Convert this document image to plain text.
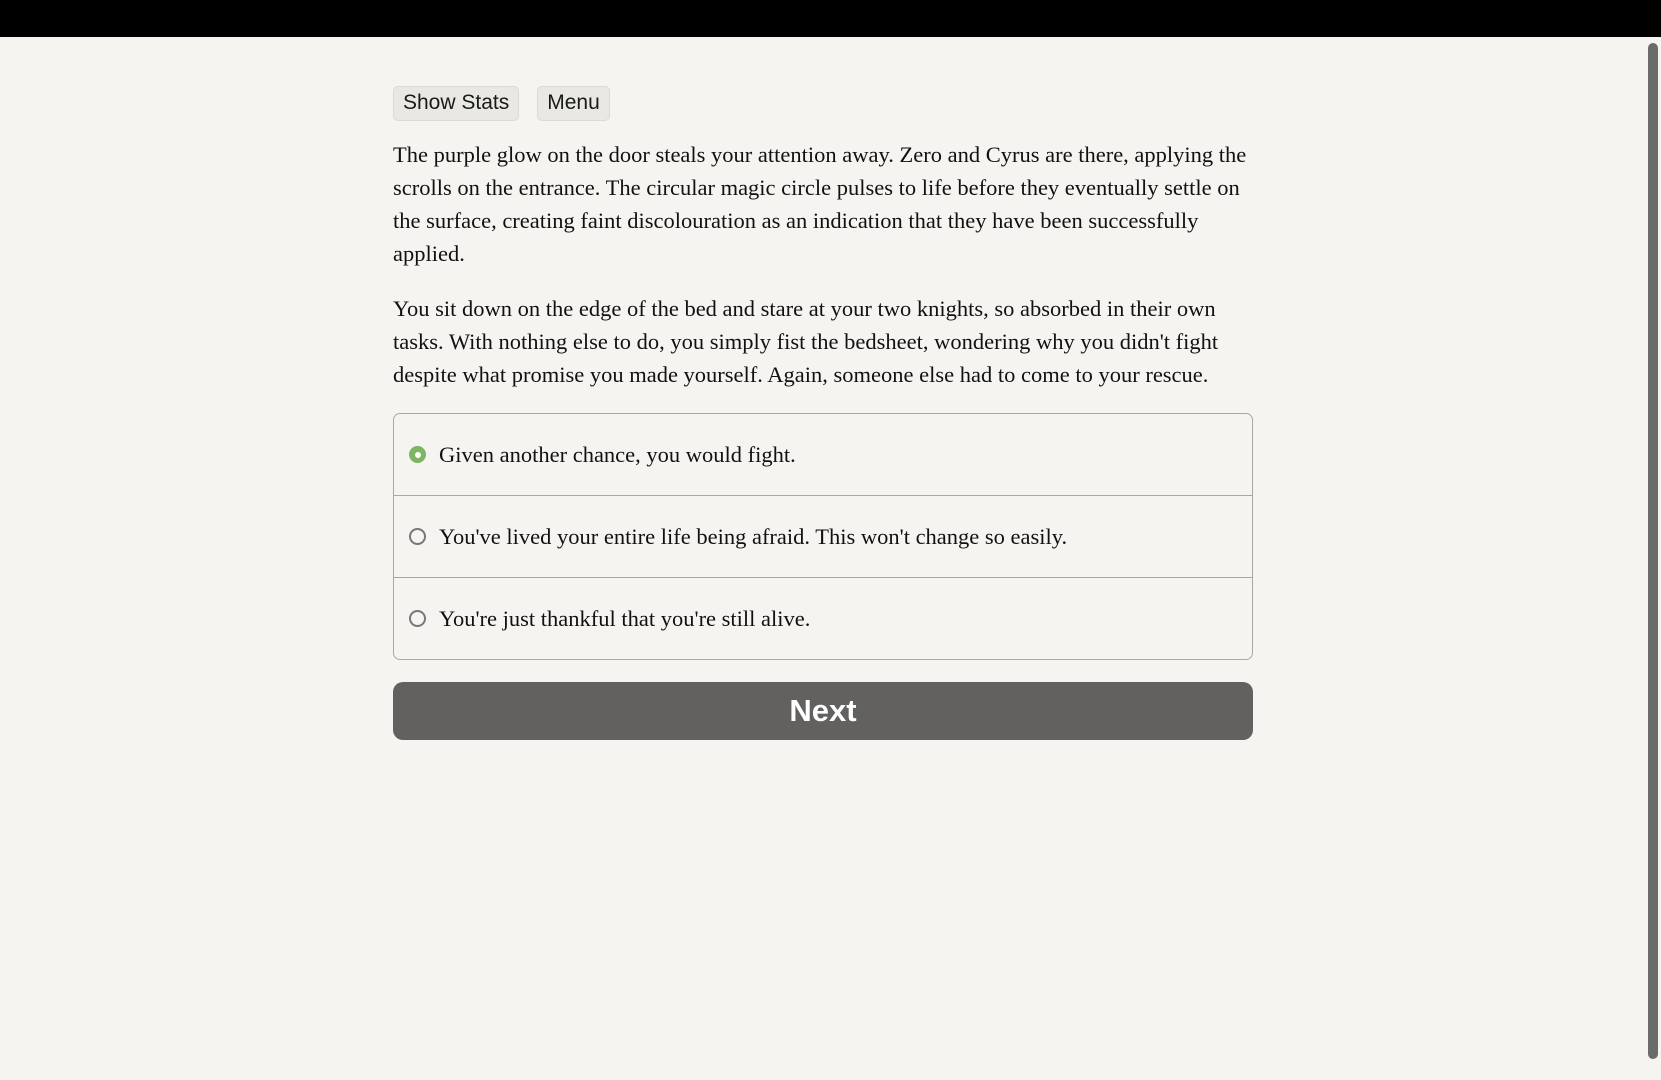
Show Stats	Menu

The purple glow on the door steals your attention away. Zero and Cyrus are there, applying the scrolls on the entrance. The circular magic circle pulses to life before they eventually settle on the surface, creating faint discolouration as an indication that they have been successfully applied.

You sit down on the edge of the bed and stare at your two knights, so absorbed in their own tasks. With nothing else to do, you simply fist the bedsheet, wondering why you didn't fight despite what promise you made yourself. Again, someone else had to come to your rescue.

Given another chance, you would fight.
You've lived your entire life being afraid. This won't change so easily.
You're just thankful that you're still alive.
Next
